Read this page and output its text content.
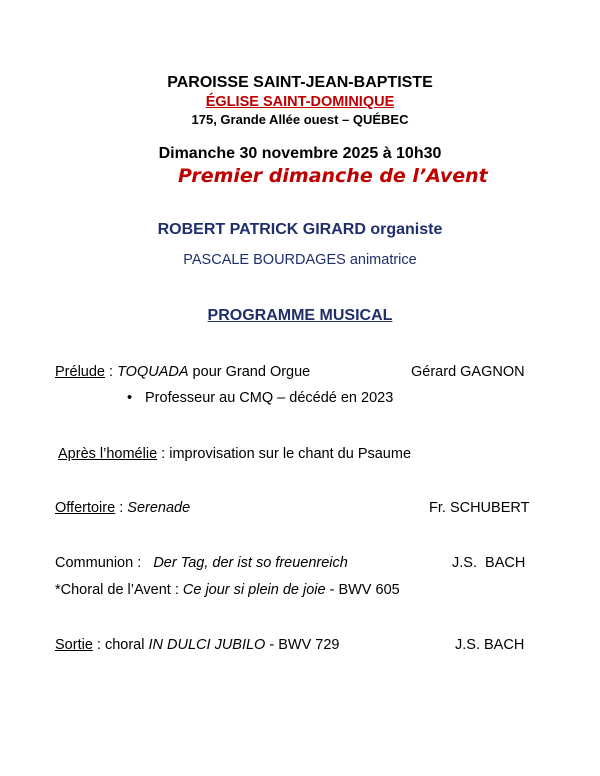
PAROISSE SAINT-JEAN-BAPTISTE
ÉGLISE SAINT-DOMINIQUE
175, Grande Allée ouest – QUÉBEC
Dimanche 30 novembre 2025 à 10h30
Premier dimanche de l’Avent
ROBERT PATRICK GIRARD organiste
PASCALE BOURDAGES animatrice
PROGRAMME MUSICAL
Prélude : TOQUADA pour Grand Orgue	Gérard GAGNON
• Professeur au CMQ – décédé en 2023
Après l’homélie : improvisation sur le chant du Psaume
Offertoire : Serenade	Fr. SCHUBERT
Communion :   Der Tag, der ist so freuenreich	J.S.  BACH
*Choral de l’Avent : Ce jour si plein de joie - BWV 605
Sortie : choral IN DULCI JUBILO - BWV 729	J.S. BACH
